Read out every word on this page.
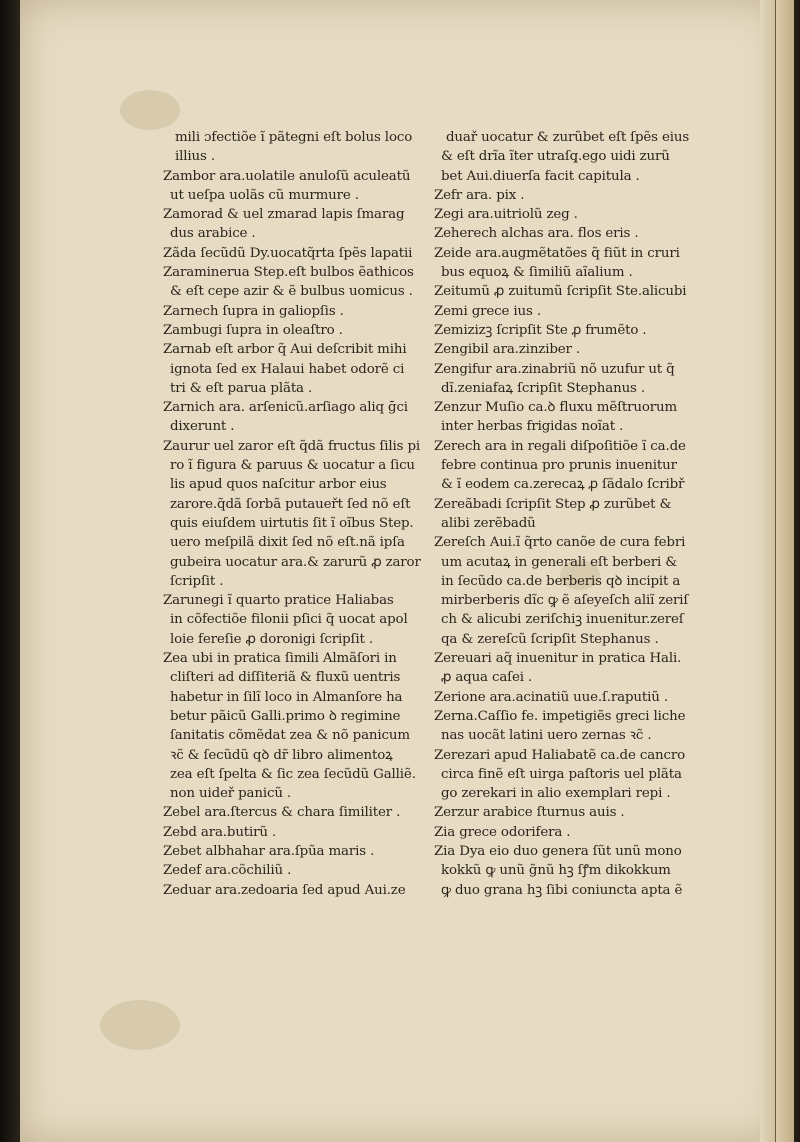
mili ɔfectiõe ĩ pãtegni eſt bolus loco
illius .
Zambor ara.uolatile anuloſũ aculeatũ
ut ueſpa uolãs cũ murmure .
Zamorad & uel zmarad lapis ſmarag
dus arabice .
Zãda ſecũdũ Dy.uocatq̃rta ſpẽs lapatii
Zaraminerua Step.eſt bulbos ẽathicos
& eſt cepe azir & ẽ bulbus uomicus .
Zarnech ſupra in galiopſis .
Zambugi ſupra in oleaſtro .
Zarnab eſt arbor q̃ Aui deſcribit mihi
ignota ſed ex Halaui habet odorẽ ci
tri & eſt parua plãta .
Zarnich ara. arſenicũ.arſiago aliq ḡci
dixerunt .
Zaurur uel zaror eſt q̃dã fructus ſilis pi
ro ĩ figura & paruus & uocatur a ſicu
lis apud quos naſcitur arbor eius
zarore.q̃dã ſorbã putaueřt ſed nõ eſt
quis eiuſdem uirtutis ſit ĩ oĩbus Step.
uero meſpilã dixit ſed nõ eſt.nã ipſa
gubeira uocatur ara.& zarurũ ꝓ zaror
ſcripſit .
Zarunegi ĩ quarto pratice Haliabas
in cõfectiõe filonii pſici q̃ uocat apol
loie fereſie ꝓ doronigi ſcripſit .
Zea ubi in pratica ſimili Almãſori in
cliſteri ad diſſiteriã & fluxũ uentris
habetur in ſilĩ loco in Almanſore ha
betur pãicũ Galli.primo ꝺ regimine
ſanitatis cõmẽdat zea & nõ panicum
ꝛc̃ & ſecũdũ qꝺ dr̃ libro alimentoꝝ
zea eſt ſpelta & ſic zea ſecũdũ Galliẽ.
non uideř panicũ .
Zebel ara.ſtercus & chara ſimiliter .
Zebd ara.butirũ .
Zebet albhahar ara.ſpũa maris .
Zedef ara.cõchiliũ .
Zeduar ara.zedoaria ſed apud Aui.ze
duař uocatur & zurũbet eſt ſpẽs eius
& eſt drĩa ĩter utraſq̧.ego uidi zurũ
bet Aui.diuerſa facit capitula .
Zefr ara. pix .
Zegi ara.uitriolũ zeg .
Zeherech alchas ara. flos eris .
Zeide ara.augmẽtatões q̃ fiũt in cruri
bus equoꝝ & ſimiliũ aĩalium .
Zeitumũ ꝓ zuitumũ ſcripſit Ste.alicubi
Zemi grece ius .
Zemizizꝫ ſcripſit Ste ꝓ frumẽto .
Zengibil ara.zinziber .
Zengifur ara.zinabriũ nõ uzufur ut q̃
dĩ.zeniafaꝝ ſcripſit Stephanus .
Zenzur Muſio ca.ꝺ fluxu mẽſtruorum
inter herbas frigidas noĩat .
Zerech ara in regali diſpoſitiõe ĩ ca.de
febre continua pro prunis inuenitur
& ĩ eodem ca.zerecaꝝ ꝓ ſãdalo ſcribř
Zereãbadi ſcripſit Step ꝓ zurũbet &
alibi zerẽbadũ
Zereſch Aui.ĩ q̃rto canõe de cura febri
um acutaꝝ in generali eſt berberi &
in ſecũdo ca.de berberis qꝺ incipit a
mirberberis dĩc ꝙ ẽ aſeyeſch aliĩ zeriſ
ch & alicubi zeriſchiꝫ inuenitur.zereſ
qa & zereſcũ ſcripſit Stephanus .
Zereuari aq̃ inuenitur in pratica Hali.
ꝓ aqua caſei .
Zerione ara.acinatiũ uue.ſ.raputiũ .
Zerna.Caſſio fe. impetigiẽs greci liche
nas uocãt latini uero zernas ꝛc̃ .
Zerezari apud Haliabatẽ ca.de cancro
circa finẽ eſt uirga paſtoris uel plãta
go zerekari in alio exemplari repi .
Zerzur arabice ſturnus auis .
Zia grece odorifera .
Zia Dya eio duo genera ſũt unũ mono
kokkũ ꝙ unũ g̃nũ hꝫ ſꝭm dikokkum
ꝙ duo grana hꝫ ſibi coniuncta apta ẽ
